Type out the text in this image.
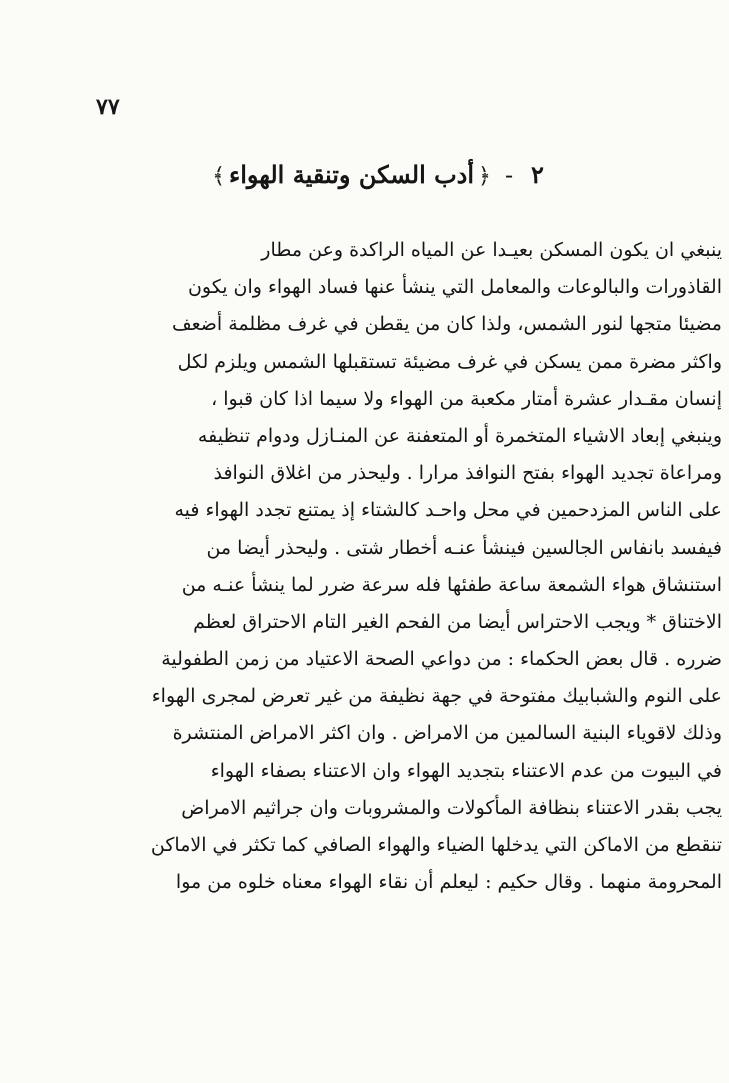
٧٧
٢-﴿أدب السكن وتنقية الهواء﴾
ينبغي ان يكون المسكن بعيـدا عن المياه الراكدة وعن مطار
القاذورات والبالوعات والمعامل التي ينشأ عنها فساد الهواء وان يكون
مضيئا متجها لنور الشمس، ولذا كان من يقطن في غرف مظلمة أضعف
واكثر مضرة ممن يسكن في غرف مضيئة تستقبلها الشمس ويلزم لكل
إنسان مقـدار عشرة أمتار مكعبة من الهواء ولا سيما اذا كان قبوا ،
وينبغي إبعاد الاشياء المتخمرة أو المتعفنة عن المنـازل ودوام تنظيفه
ومراعاة تجديد الهواء بفتح النوافذ مرارا . وليحذر من اغلاق النوافذ
على الناس المزدحمين في محل واحـد كالشتاء إذ يمتنع تجدد الهواء فيه
فيفسد بانفاس الجالسين فينشأ عنـه أخطار شتى . وليحذر أيضا من
استنشاق هواء الشمعة ساعة طفئها فله سرعة ضرر لما ينشأ عنـه من
الاختناق * ويجب الاحتراس أيضا من الفحم الغير التام الاحتراق لعظم
ضرره . قال بعض الحكماء : من دواعي الصحة الاعتياد من زمن الطفولية
على النوم والشبابيك مفتوحة في جهة نظيفة من غير تعرض لمجرى الهواء
وذلك لاقوياء البنية السالمين من الامراض . وان اكثر الامراض المنتشرة
في البيوت من عدم الاعتناء بتجديد الهواء وان الاعتناء بصفاء الهواء
يجب بقدر الاعتناء بنظافة المأكولات والمشروبات وان جراثيم الامراض
تنقطع من الاماكن التي يدخلها الضياء والهواء الصافي كما تكثر في الاماكن
المحرومة منهما . وقال حكيم : ليعلم أن نقاء الهواء معناه خلوه من موا
